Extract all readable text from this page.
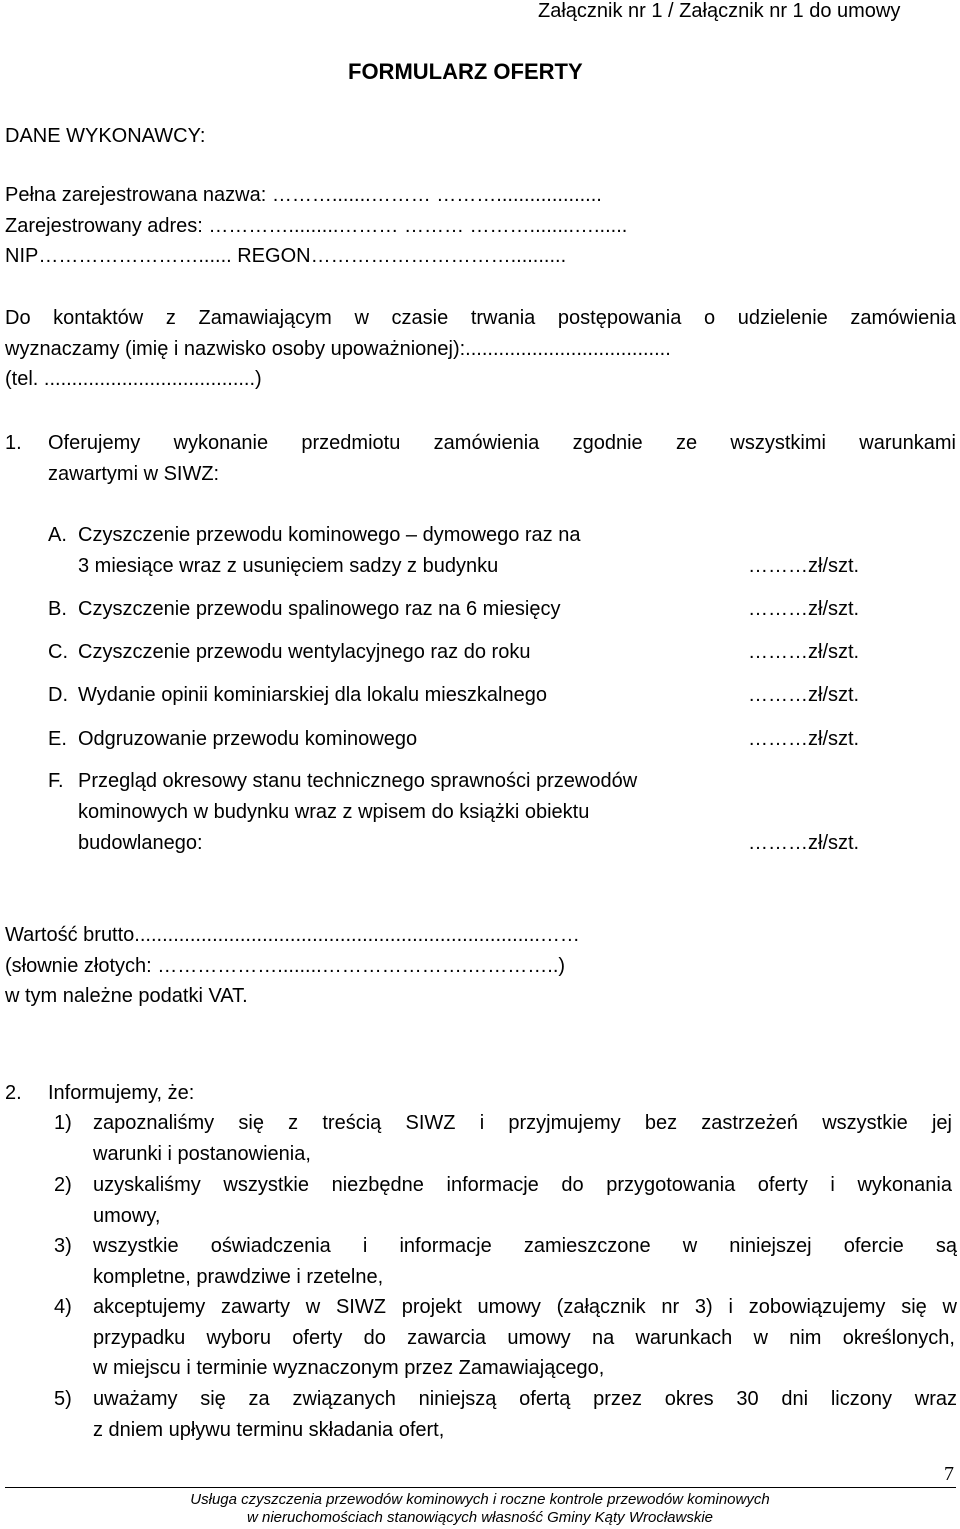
Załącznik nr 1 / Załącznik nr 1 do umowy
FORMULARZ OFERTY
DANE WYKONAWCY:
Pełna zarejestrowana nazwa: ……….......……… ………...................
Zarejestrowany adres: ………….........……… ……… ………........…......
NIP……………………...... REGON…………………………..........
Do kontaktów z Zamawiającym w czasie trwania postępowania o udzielenie zamówienia
wyznaczamy (imię i nazwisko osoby upoważnionej):.....................................
(tel. ......................................)
1. Oferujemy wykonanie przedmiotu zamówienia zgodnie ze wszystkimi warunkami
zawartymi w SIWZ:
A. Czyszczenie przewodu kominowego – dymowego raz na
3 miesiące wraz z usunięciem sadzy z budynku	………zł/szt.
B. Czyszczenie przewodu spalinowego raz na 6 miesięcy	………zł/szt.
C. Czyszczenie przewodu wentylacyjnego raz do roku	………zł/szt.
D. Wydanie opinii kominiarskiej dla lokalu mieszkalnego	………zł/szt.
E. Odgruzowanie przewodu kominowego	………zł/szt.
F. Przegląd okresowy stanu technicznego sprawności przewodów
kominowych w budynku wraz z wpisem do książki obiektu
budowlanego:	………zł/szt.
Wartość brutto.........................................................................……
(słownie złotych: ………………........………………….…………..)
w tym należne podatki VAT.
2. Informujemy, że:
1) zapoznaliśmy się z treścią SIWZ i przyjmujemy bez zastrzeżeń wszystkie jej
warunki i postanowienia,
2) uzyskaliśmy wszystkie niezbędne informacje do przygotowania oferty i wykonania
umowy,
3) wszystkie oświadczenia i informacje zamieszczone w niniejszej ofercie są
kompletne, prawdziwe i rzetelne,
4) akceptujemy zawarty w SIWZ projekt umowy (załącznik nr 3) i zobowiązujemy się w
przypadku wyboru oferty do zawarcia umowy na warunkach w nim określonych,
w miejscu i terminie wyznaczonym przez Zamawiającego,
5) uważamy się za związanych niniejszą ofertą przez okres 30 dni liczony wraz
z dniem upływu terminu składania ofert,
7
Usługa czyszczenia przewodów kominowych i roczne kontrole przewodów kominowych
w nieruchomościach stanowiących własność Gminy Kąty Wrocławskie
